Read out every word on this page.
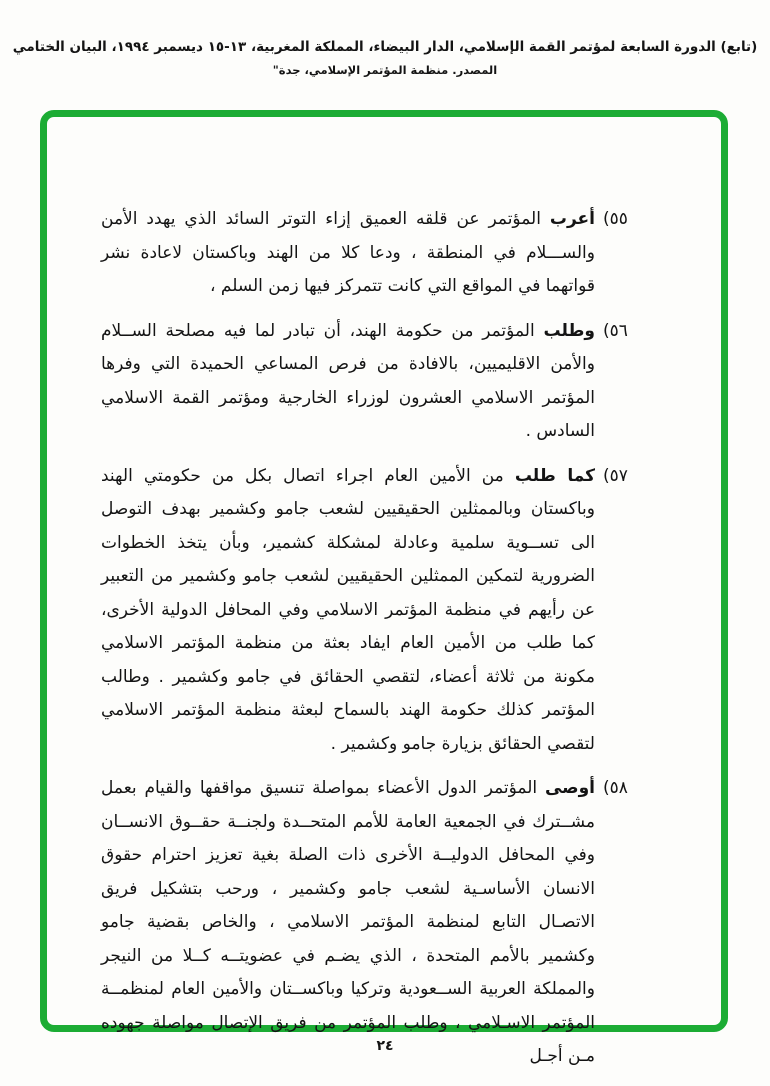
(تابع) الدورة السابعة لمؤتمر القمة الإسلامي، الدار البيضاء، المملكة المغربية، ١٣-١٥ ديسمبر ١٩٩٤، البيان الختامي
المصدر. منظمة المؤتمر الإسلامي، جدة"
٥٥)
أعرب المؤتمر عن قلقه العميق إزاء التوتر السائد الذي يهدد الأمن والســـلام في المنطقة ، ودعا كلا من الهند وباكستان لاعادة نشر قواتهما في المواقع التي كانت تتمركز فيها زمن السلم ،
٥٦)
وطلب المؤتمر من حكومة الهند، أن تبادر لما فيه مصلحة الســلام والأمن الاقليميين، بالافادة من فرص المساعي الحميدة التي وفرها المؤتمر الاسلامي العشرون لوزراء الخارجية ومؤتمر القمة الاسلامي السادس .
٥٧)
كما طلب من الأمين العام اجراء اتصال بكل من حكومتي الهند وباكستان وبالممثلين الحقيقيين لشعب جامو وكشمير بهدف التوصل الى تســوية سلمية وعادلة لمشكلة كشمير، وبأن يتخذ الخطوات الضرورية لتمكين الممثلين الحقيقيين لشعب جامو وكشمير من التعبير عن رأيهم في منظمة المؤتمر الاسلامي وفي المحافل الدولية الأخرى، كما طلب من الأمين العام ايفاد بعثة من منظمة المؤتمر الاسلامي مكونة من ثلاثة أعضاء، لتقصي الحقائق في جامو وكشمير . وطالب المؤتمر كذلك حكومة الهند بالسماح لبعثة منظمة المؤتمر الاسلامي لتقصي الحقائق بزيارة جامو وكشمير .
٥٨)
أوصى المؤتمر الدول الأعضاء بمواصلة تنسيق مواقفها والقيام بعمل مشــترك في الجمعية العامة للأمم المتحــدة ولجنــة حقــوق الانســان وفي المحافل الدوليــة الأخرى ذات الصلة بغية تعزيز احترام حقوق الانسان الأساسـية لشعب جامو وكشمير ، ورحب بتشكيل فريق الاتصـال التابع لمنظمة المؤتمر الاسلامي ، والخاص بقضية جامو وكشمير بالأمم المتحدة ، الذي يضـم في عضويتــه كــلا من النيجر والمملكة العربية الســعودية وتركيا وباكســتان والأمين العام لمنظمــة المؤتمر الاسـلامي ، وطلب المؤتمر من فريق الإتصال مواصلة جهوده مـن أجـل
٢٤
